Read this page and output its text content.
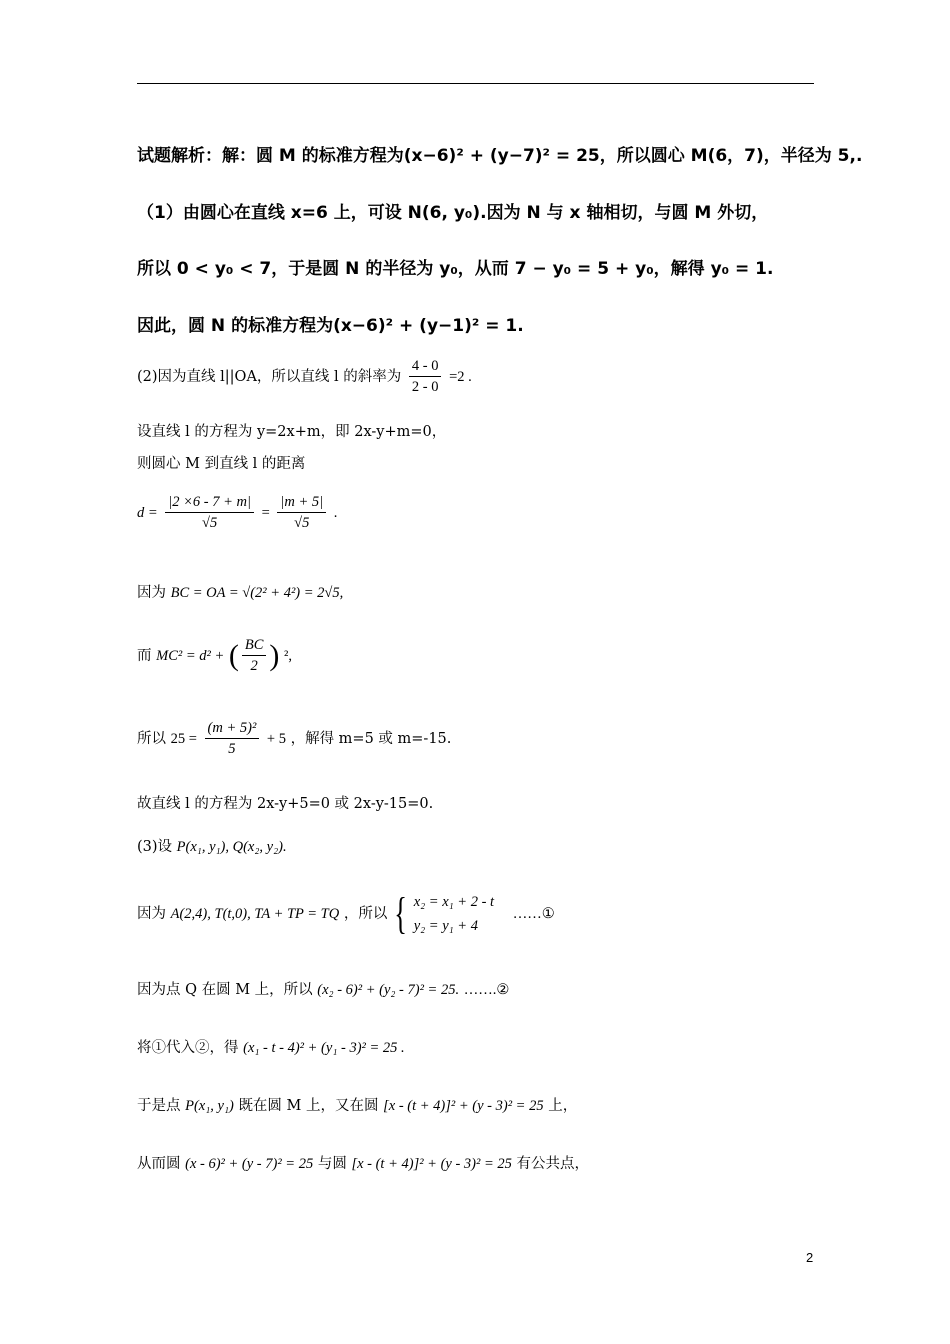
试题解析：解：圆 M 的标准方程为(x−6)² + (y−7)² = 25，所以圆心 M(6，7)，半径为 5,.
（1）由圆心在直线 x=6 上，可设 N(6, y₀).因为 N 与 x 轴相切，与圆 M 外切，
所以 0 < y₀ < 7，于是圆 N 的半径为 y₀，从而 7 − y₀ = 5 + y₀，解得 y₀ = 1.
因此，圆 N 的标准方程为(x−6)² + (y−1)² = 1.
(2)因为直线 l||OA，所以直线 l 的斜率为 $\frac{4 - 0}{2 - 0} =2$ .
设直线 l 的方程为 y=2x+m，即 2x-y+m=0，
则圆心 M 到直线 l 的距离
$d = \frac{|2 \times 6 - 7 + m|}{√5} = \frac{|m + 5|}{√5}$ .
因为 BC = OA = √(2² + 4²) = 2√5,
而 MC² = d² + ( $\frac{BC}{2}$ ) ²,
所以 $25 = \frac{\text{(m + 5)²}}{5} + 5$ ，解得 m=5 或 m=-15.
故直线 l 的方程为 2x-y+5=0 或 2x-y-15=0.
(3)设 P(x₁, y₁), Q(x₂, y₂).
因为 A(2,4), T(t,0), TA + TP = TQ ，所以 { x₂ = x₁ + 2 - t
y₂ = y₁ + 4
……①
因为点 Q 在圆 M 上，所以 (x₂ - 6)² + (y₂ - 7)² = 25. …….②
将①代入②，得 (x₁ - t - 4)² + (y₁ - 3)² = 25 .
于是点 P(x₁, y₁) 既在圆 M 上，又在圆 [x - (t + 4)]² + (y - 3)² = 25 上，
从而圆 (x - 6)² + (y - 7)² = 25 与圆 [x - (t + 4)]² + (y - 3)² = 25 有公共点，
2
